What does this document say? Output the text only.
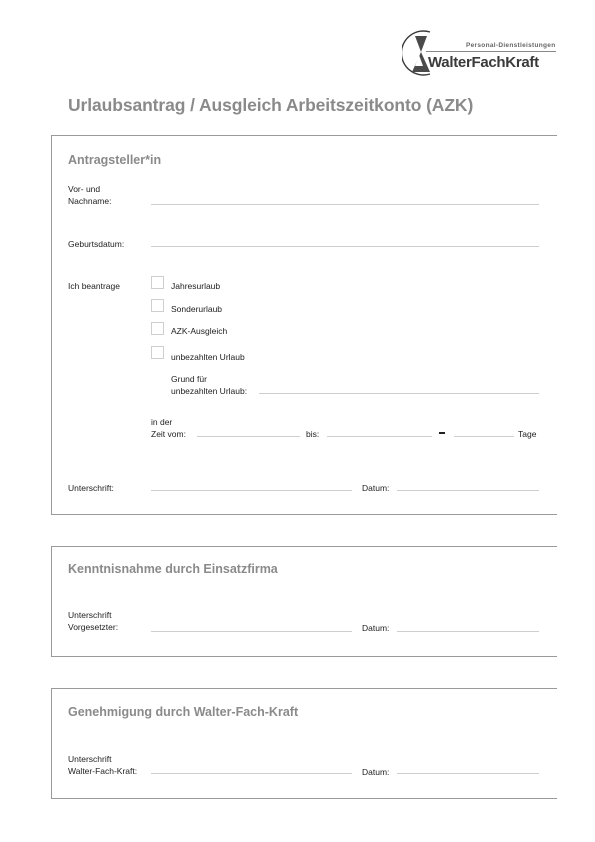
Personal-Dienstleistungen
WalterFachKraft
Urlaubsantrag / Ausgleich Arbeitszeitkonto (AZK)
Antragsteller*in
Vor- und
Nachname:
Geburtsdatum:
Ich beantrage	Jahresurlaub
Sonderurlaub
AZK-Ausgleich
unbezahlten Urlaub
Grund für
unbezahlten Urlaub:
in der
Zeit vom:	bis:	Tage
Unterschrift:	Datum:
Kenntnisnahme durch Einsatzfirma
Unterschrift
Vorgesetzter:	Datum:
Genehmigung durch Walter-Fach-Kraft
Unterschrift
Walter-Fach-Kraft:	Datum:
